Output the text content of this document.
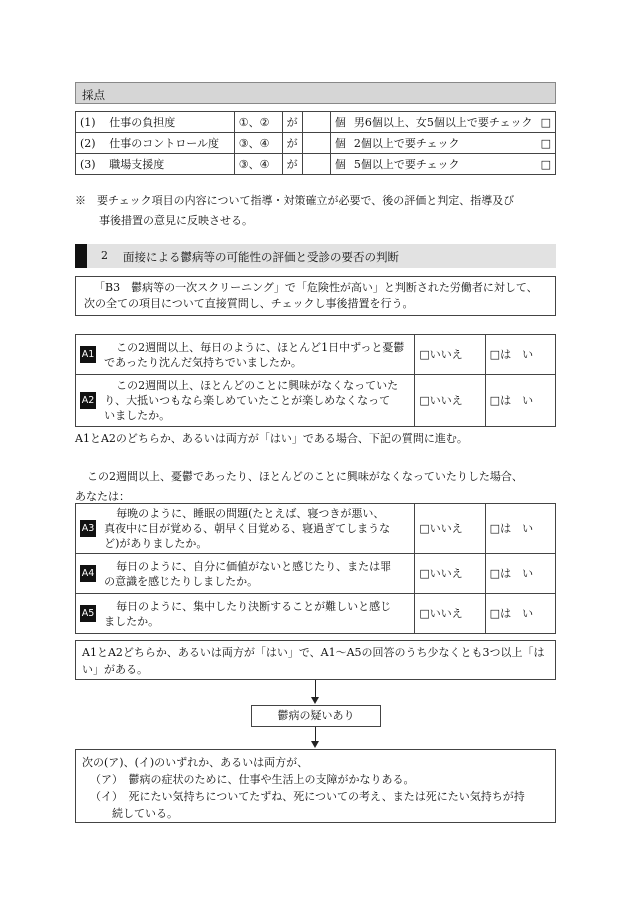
採点
(1)	仕事の負担度	①、②	が		個	男6個以上、女5個以上で要チェック	□
(2)	仕事のコントロール度	③、④	が		個	2個以上で要チェック	□
(3)	職場支援度	③、④	が		個	5個以上で要チェック	□
※　 要チェック項目の内容について指導・対策確立が必要で、後の評価と判定、指導及び
事後措置の意見に反映させる。
2 面接による鬱病等の可能性の評価と受診の要否の判断
「B3　鬱病等の一次スクリーニング」で「危険性が高い」と判断された労働者に対して、
次の全ての項目について直接質問し、チェックし事後措置を行う。
A1	この2週間以上、毎日のように、ほとんど1日中ずっと憂鬱
であったり沈んだ気持ちでいましたか。	□いいえ	□は　い
A2	この2週間以上、ほとんどのことに興味がなくなっていた
り、大抵いつもなら楽しめていたことが楽しめなくなって
いましたか。	□いいえ	□は　い
A1とA2のどちらか、あるいは両方が「はい」である場合、下記の質問に進む。
この2週間以上、憂鬱であったり、ほとんどのことに興味がなくなっていたりした場合、
あなたは：
A3	毎晩のように、睡眠の問題(たとえば、寝つきが悪い、
真夜中に目が覚める、朝早く目覚める、寝過ぎてしまうな
ど)がありましたか。	□いいえ	□は　い
A4	毎日のように、自分に価値がないと感じたり、または罪
の意識を感じたりしましたか。	□いいえ	□は　い
A5	毎日のように、集中したり決断することが難しいと感じ
ましたか。	□いいえ	□は　い
A1とA2どちらか、あるいは両方が「はい」で、A1〜A5の回答のうち少なくとも3つ以上「は
い」がある。
鬱病の疑いあり
次の(ア)、(イ)のいずれか、あるいは両方が、
（ア）　鬱病の症状のために、仕事や生活上の支障がかなりある。
（イ）　死にたい気持ちについてたずね、死についての考え、または死にたい気持ちが持
続している。
